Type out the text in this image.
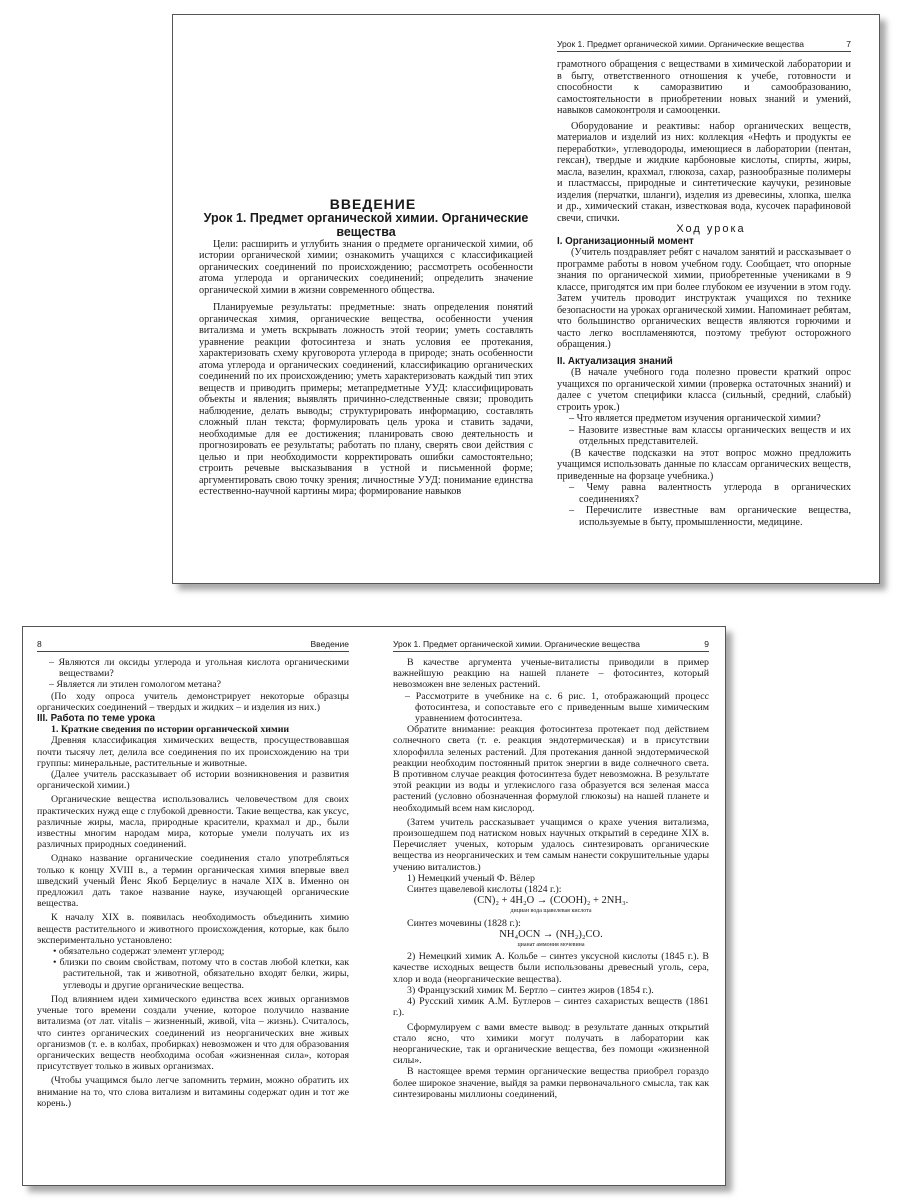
Урок 1. Предмет органической химии. Органические вещества	7

ВВЕДЕНИЕ

Урок 1. Предмет органической химии. Органические вещества

Цели: расширить и углубить знания о предмете органической химии, об истории органической химии; ознакомить учащихся с классификацией органических соединений по происхождению; рассмотреть особенности атома углерода и органических соединений; определить значение органической химии в жизни современного общества.

Планируемые результаты: предметные: знать определения понятий органическая химия, органические вещества, особенности учения витализма и уметь вскрывать ложность этой теории; уметь составлять уравнение реакции фотосинтеза и знать условия ее протекания, характеризовать схему круговорота углерода в природе; знать особенности атома углерода и органических соединений, классификацию органических соединений по их происхождению; уметь характеризовать каждый тип этих веществ и приводить примеры; метапредметные УУД: классифицировать объекты и явления; выявлять причинно-следственные связи; проводить наблюдение, делать выводы; структурировать информацию, составлять сложный план текста; формулировать цель урока и ставить задачи, необходимые для ее достижения; планировать свою деятельность и прогнозировать ее результаты; работать по плану, сверять свои действия с целью и при необходимости корректировать ошибки самостоятельно; строить речевые высказывания в устной и письменной форме; аргументировать свою точку зрения; личностные УУД: понимание единства естественно-научной картины мира; формирование навыков

грамотного обращения с веществами в химической лаборатории и в быту, ответственного отношения к учебе, готовности и способности к саморазвитию и самообразованию, самостоятельности в приобретении новых знаний и умений, навыков самоконтроля и самооценки.

Оборудование и реактивы: набор органических веществ, материалов и изделий из них: коллекция «Нефть и продукты ее переработки», углеводороды, имеющиеся в лаборатории (пентан, гексан), твердые и жидкие карбоновые кислоты, спирты, жиры, масла, вазелин, крахмал, глюкоза, сахар, разнообразные полимеры и пластмассы, природные и синтетические каучуки, резиновые изделия (перчатки, шланги), изделия из древесины, хлопка, шелка и др., химический стакан, известковая вода, кусочек парафиновой свечи, спички.

Ход урока

I. Организационный момент

(Учитель поздравляет ребят с началом занятий и рассказывает о программе работы в новом учебном году. Сообщает, что опорные знания по органической химии, приобретенные учениками в 9 классе, пригодятся им при более глубоком ее изучении в этом году. Затем учитель проводит инструктаж учащихся по технике безопасности на уроках органической химии. Напоминает ребятам, что большинство органических веществ являются горючими и часто легко воспламеняются, поэтому требуют осторожного обращения.)

II. Актуализация знаний

(В начале учебного года полезно провести краткий опрос учащихся по органической химии (проверка остаточных знаний) и далее с учетом специфики класса (сильный, средний, слабый) строить урок.)

– Что является предметом изучения органической химии?

– Назовите известные вам классы органических веществ и их отдельных представителей.

(В качестве подсказки на этот вопрос можно предложить учащимся использовать данные по классам органических веществ, приведенные на форзаце учебника.)

– Чему равна валентность углерода в органических соединениях?

– Перечислите известные вам органические вещества, используемые в быту, промышленности, медицине.

8	Введение

– Являются ли оксиды углерода и угольная кислота органическими веществами?

– Является ли этилен гомологом метана?

(По ходу опроса учитель демонстрирует некоторые образцы органических соединений – твердых и жидких – и изделия из них.)

III. Работа по теме урока

1. Краткие сведения по истории органической химии

Древняя классификация химических веществ, просуществовавшая почти тысячу лет, делила все соединения по их происхождению на три группы: минеральные, растительные и животные.

(Далее учитель рассказывает об истории возникновения и развития органической химии.)

Органические вещества использовались человечеством для своих практических нужд еще с глубокой древности. Такие вещества, как уксус, различные жиры, масла, природные красители, крахмал и др., были известны многим народам мира, которые умели получать их из различных природных соединений.

Однако название органические соединения стало употребляться только к концу XVIII в., а термин органическая химия впервые ввел шведский ученый Йенс Якоб Берцелиус в начале XIX в. Именно он предложил дать такое название науке, изучающей органические вещества.

К началу XIX в. появилась необходимость объединить химию веществ растительного и животного происхождения, которые, как было экспериментально установлено:

• обязательно содержат элемент углерод;

• близки по своим свойствам, потому что в состав любой клетки, как растительной, так и животной, обязательно входят белки, жиры, углеводы и другие органические вещества.

Под влиянием идеи химического единства всех живых организмов ученые того времени создали учение, которое получило название витализма (от лат. vitalis – жизненный, живой, vita – жизнь). Считалось, что синтез органических соединений из неорганических вне живых организмов (т. е. в колбах, пробирках) невозможен и что для образования органических веществ необходима особая «жизненная сила», которая присутствует только в живых организмах.

(Чтобы учащимся было легче запомнить термин, можно обратить их внимание на то, что слова витализм и витамины содержат один и тот же корень.)

Урок 1. Предмет органической химии. Органические вещества	9

В качестве аргумента ученые-виталисты приводили в пример важнейшую реакцию на нашей планете – фотосинтез, который невозможен вне зеленых растений.

– Рассмотрите в учебнике на с. 6 рис. 1, отображающий процесс фотосинтеза, и сопоставьте его с приведенным выше химическим уравнением фотосинтеза.

Обратите внимание: реакция фотосинтеза протекает под действием солнечного света (т. е. реакция эндотермическая) и в присутствии хлорофилла зеленых растений. Для протекания данной эндотермической реакции необходим постоянный приток энергии в виде солнечного света. В противном случае реакция фотосинтеза будет невозможна. В результате этой реакции из воды и углекислого газа образуется вся зеленая масса растений (условно обозначенная формулой глюкозы) на нашей планете и необходимый всем нам кислород.

(Затем учитель рассказывает учащимся о крахе учения витализма, произошедшем под натиском новых научных открытий в середине XIX в. Перечисляет ученых, которым удалось синтезировать органические вещества из неорганических и тем самым нанести сокрушительные удары учению виталистов.)

1) Немецкий ученый Ф. Вёлер

Синтез щавелевой кислоты (1824 г.):

(CN)₂ + 4H₂O → (COOH)₂ + 2NH₃.

дициан вода щавелевая кислота

Синтез мочевины (1828 г.):

NH₄OCN → (NH₂)₂CO.

цианат аммония мочевина

2) Немецкий химик А. Кольбе – синтез уксусной кислоты (1845 г.). В качестве исходных веществ были использованы древесный уголь, сера, хлор и вода (неорганические вещества).

3) Французский химик М. Бертло – синтез жиров (1854 г.).

4) Русский химик А.М. Бутлеров – синтез сахаристых веществ (1861 г.).

Сформулируем с вами вместе вывод: в результате данных открытий стало ясно, что химики могут получать в лаборатории как неорганические, так и органические вещества, без помощи «жизненной силы».

В настоящее время термин органические вещества приобрел гораздо более широкое значение, выйдя за рамки первоначального смысла, так как синтезированы миллионы соединений,
